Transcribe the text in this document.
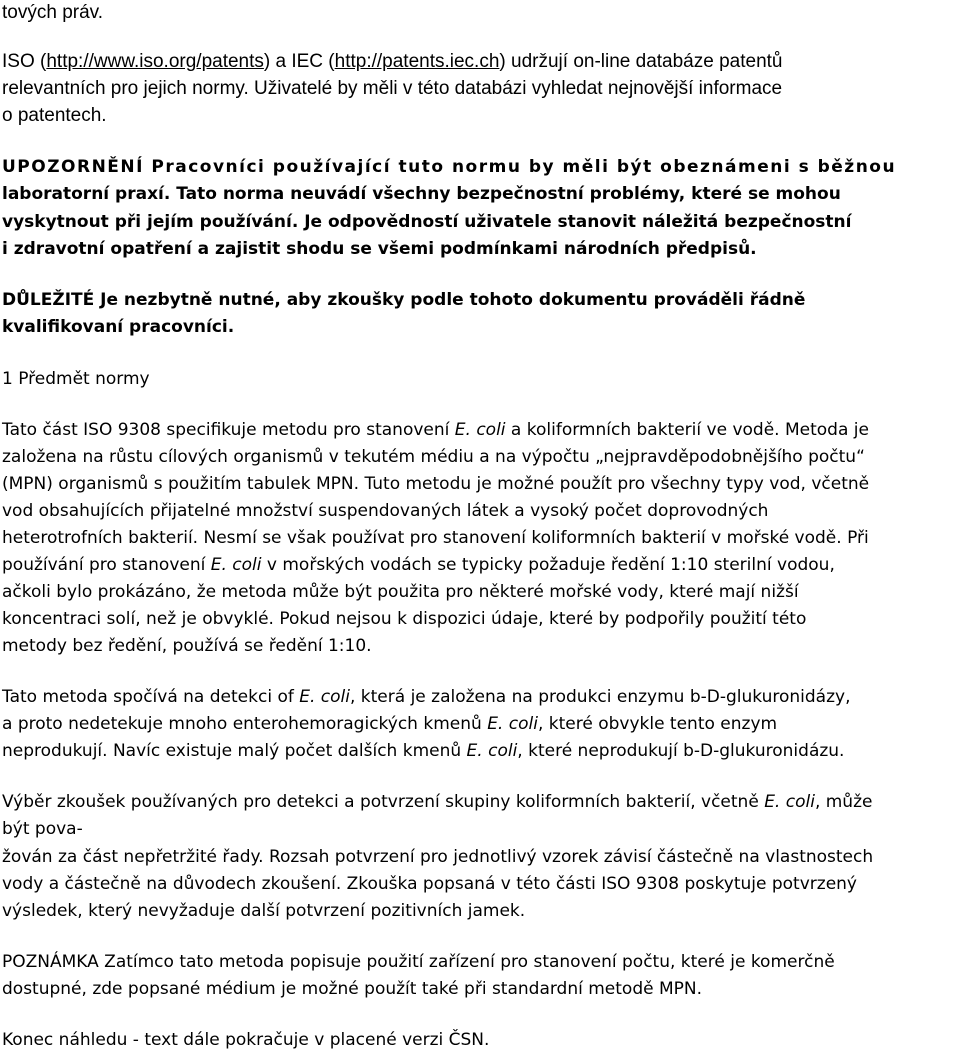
tových práv.
ISO (http://www.iso.org/patents) a IEC (http://patents.iec.ch) udržují on-line databáze patentů
relevantních pro jejich normy. Uživatelé by měli v této databázi vyhledat nejnovější informace
o patentech.
UPOZORNĚNÍ Pracovníci používající tuto normu by měli být obeznámeni s běžnou
laboratorní praxí. Tato norma neuvádí všechny bezpečnostní problémy, které se mohou
vyskytnout při jejím používání. Je odpovědností uživatele stanovit náležitá bezpečnostní
i zdravotní opatření a zajistit shodu se všemi podmínkami národních předpisů.
DŮLEŽITÉ Je nezbytně nutné, aby zkoušky podle tohoto dokumentu prováděli řádně
kvalifikovaní pracovníci.
1 Předmět normy
Tato část ISO 9308 specifikuje metodu pro stanovení E. coli a koliformních bakterií ve vodě. Metoda je
založena na růstu cílových organismů v tekutém médiu a na výpočtu „nejpravděpodobnějšího počtu“
(MPN) organismů s použitím tabulek MPN. Tuto metodu je možné použít pro všechny typy vod, včetně
vod obsahujících přijatelné množství suspendovaných látek a vysoký počet doprovodných
heterotrofních bakterií. Nesmí se však používat pro stanovení koliformních bakterií v mořské vodě. Při
používání pro stanovení E. coli v mořských vodách se typicky požaduje ředění 1:10 sterilní vodou,
ačkoli bylo prokázáno, že metoda může být použita pro některé mořské vody, které mají nižší
koncentraci solí, než je obvyklé. Pokud nejsou k dispozici údaje, které by podpořily použití této
metody bez ředění, používá se ředění 1:10.
Tato metoda spočívá na detekci of E. coli, která je založena na produkci enzymu b-D-glukuronidázy,
a proto nedetekuje mnoho enterohemoragických kmenů E. coli, které obvykle tento enzym
neprodukují. Navíc existuje malý počet dalších kmenů E. coli, které neprodukují b-D-glukuronidázu.
Výběr zkoušek používaných pro detekci a potvrzení skupiny koliformních bakterií, včetně E. coli, může
být pova-
žován za část nepřetržité řady. Rozsah potvrzení pro jednotlivý vzorek závisí částečně na vlastnostech
vody a částečně na důvodech zkoušení. Zkouška popsaná v této části ISO 9308 poskytuje potvrzený
výsledek, který nevyžaduje další potvrzení pozitivních jamek.
POZNÁMKA Zatímco tato metoda popisuje použití zařízení pro stanovení počtu, které je komerčně
dostupné, zde popsané médium je možné použít také při standardní metodě MPN.
Konec náhledu - text dále pokračuje v placené verzi ČSN.
